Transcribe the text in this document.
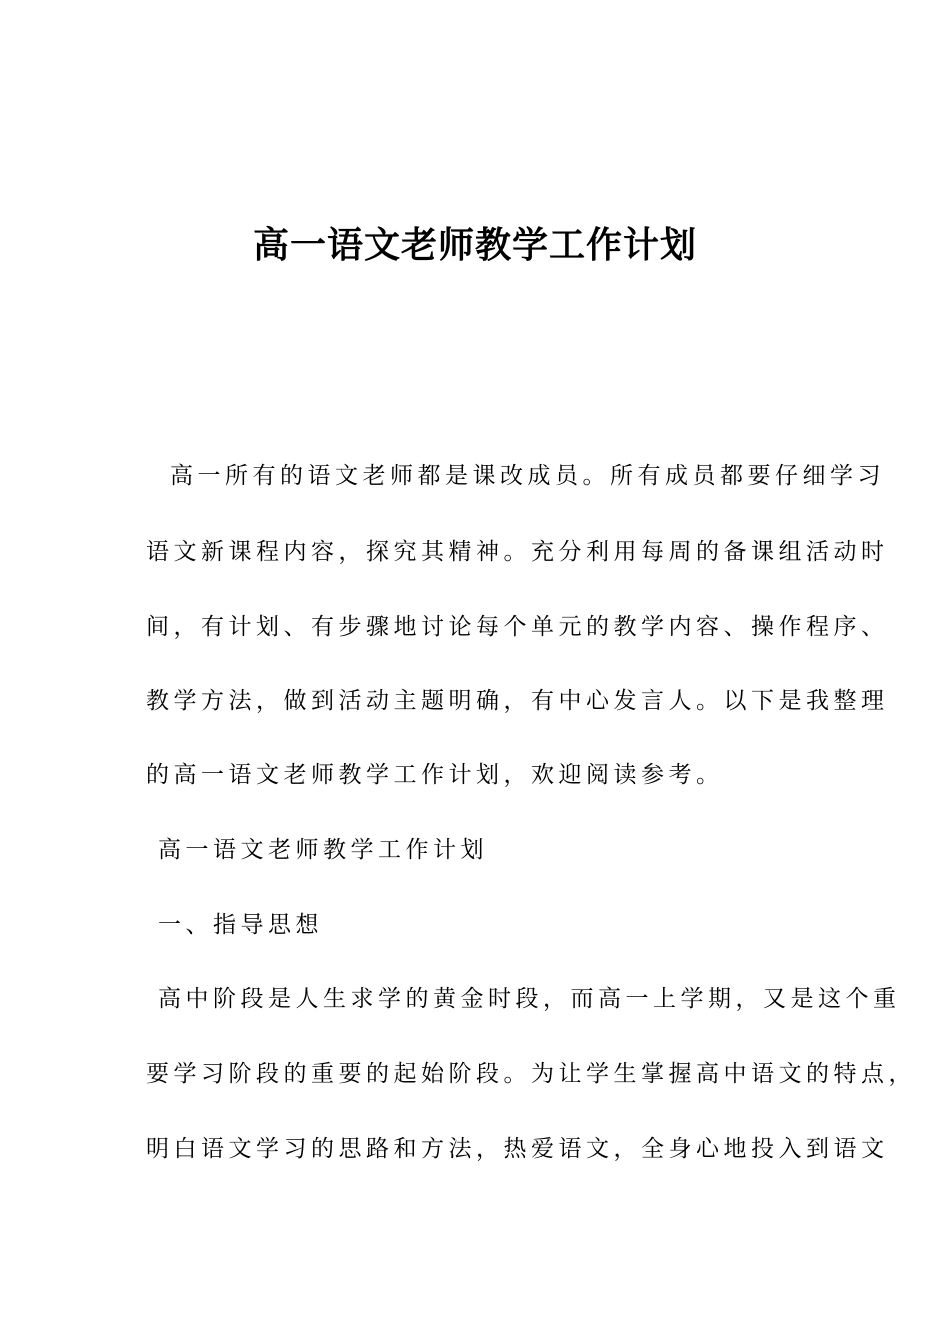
高一语文老师教学工作计划

高一所有的语文老师都是课改成员。所有成员都要仔细学习

语文新课程内容，探究其精神。充分利用每周的备课组活动时

间，有计划、有步骤地讨论每个单元的教学内容、操作程序、

教学方法，做到活动主题明确，有中心发言人。以下是我整理

的高一语文老师教学工作计划，欢迎阅读参考。

高一语文老师教学工作计划

一、指导思想

高中阶段是人生求学的黄金时段，而高一上学期，又是这个重

要学习阶段的重要的起始阶段。为让学生掌握高中语文的特点，

明白语文学习的思路和方法，热爱语文，全身心地投入到语文
